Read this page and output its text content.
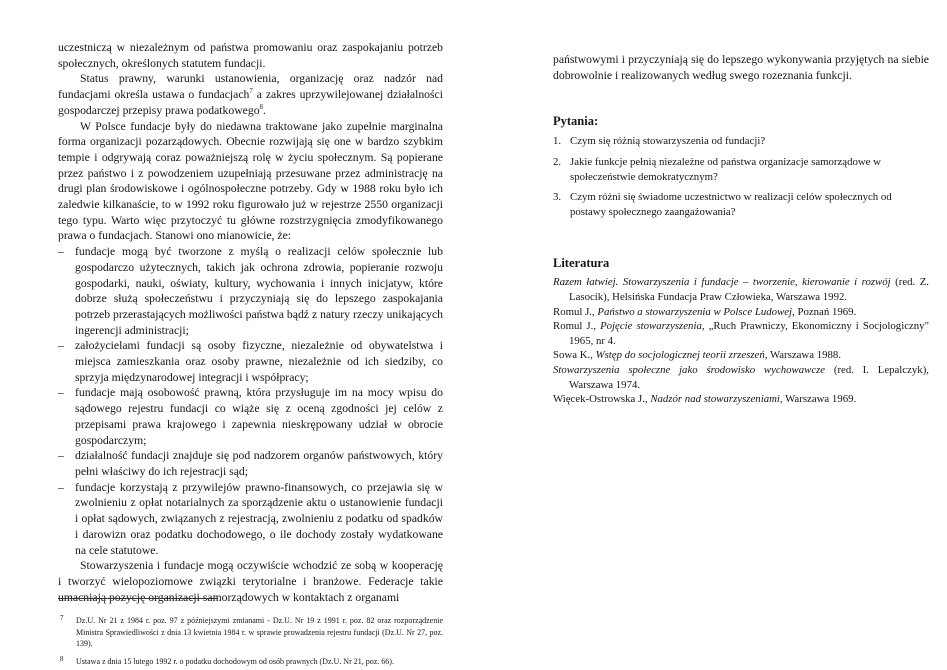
uczestniczą w niezależnym od państwa promowaniu oraz zaspokajaniu potrzeb społecznych, określonych statutem fundacji.

Status prawny, warunki ustanowienia, organizację oraz nadzór nad fundacjami określa ustawa o fundacjach$^7$ a zakres uprzywilejowanej działalności gospodarczej przepisy prawa podatkowego$^8$.

W Polsce fundacje były do niedawna traktowane jako zupełnie marginalna forma organizacji pozarządowych. Obecnie rozwijają się one w bardzo szybkim tempie i odgrywają coraz poważniejszą rolę w życiu społecznym. Są popierane przez państwo i z powodzeniem uzupełniają przesuwane przez administrację na drugi plan środowiskowe i ogólnospołeczne potrzeby. Gdy w 1988 roku było ich zaledwie kilkanaście, to w 1992 roku figurowało już w rejestrze 2550 organizacji tego typu. Warto więc przytoczyć tu główne rozstrzygnięcia zmodyfikowanego prawa o fundacjach. Stanowi ono mianowicie, że:

– fundacje mogą być tworzone z myślą o realizacji celów społecznie lub gospodarczo użytecznych, takich jak ochrona zdrowia, popieranie rozwoju gospodarki, nauki, oświaty, kultury, wychowania i innych inicjatyw, które dobrze służą społeczeństwu i przyczyniają się do lepszego zaspokajania potrzeb przerastających możliwości państwa bądź z natury rzeczy unikających ingerencji administracji;
– założycielami fundacji są osoby fizyczne, niezależnie od obywatelstwa i miejsca zamieszkania oraz osoby prawne, niezależnie od ich siedziby, co sprzyja międzynarodowej integracji i współpracy;
– fundacje mają osobowość prawną, która przysługuje im na mocy wpisu do sądowego rejestru fundacji co wiąże się z oceną zgodności jej celów z przepisami prawa krajowego i zapewnia nieskrępowany udział w obrocie gospodarczym;
– działalność fundacji znajduje się pod nadzorem organów państwowych, który pełni właściwy do ich rejestracji sąd;
– fundacje korzystają z przywilejów prawno-finansowych, co przejawia się w zwolnieniu z opłat notarialnych za sporządzenie aktu o ustanowienie fundacji i opłat sądowych, związanych z rejestracją, zwolnieniu z podatku od spadków i darowizn oraz podatku dochodowego, o ile dochody zostały wydatkowane na cele statutowe.

Stowarzyszenia i fundacje mogą oczywiście wchodzić ze sobą w kooperację i tworzyć wielopoziomowe związki terytorialne i branżowe. Federacje takie umacniają pozycję organizacji samorządowych w kontaktach z organami

7 Dz.U. Nr 21 z 1984 r. poz. 97 z późniejszymi zmianami - Dz.U. Nr 19 z 1991 r. poz. 82 oraz rozporządzenie Ministra Sprawiedliwości z dnia 13 kwietnia 1984 r. w sprawie prowadzenia rejestru fundacji (Dz.U. Nr 27, poz. 139).
8 Ustawa z dnia 15 lutego 1992 r. o podatku dochodowym od osób prawnych (Dz.U. Nr 21, poz. 66).

państwowymi i przyczyniają się do lepszego wykonywania przyjętych na siebie dobrowolnie i realizowanych według swego rozeznania funkcji.

Pytania:
1. Czym się różnią stowarzyszenia od fundacji?
2. Jakie funkcje pełnią niezależne od państwa organizacje samorządowe w społeczeństwie demokratycznym?
3. Czym różni się świadome uczestnictwo w realizacji celów społecznych od postawy społecznego zaangażowania?
Literatura
Razem łatwiej. Stowarzyszenia i fundacje – tworzenie, kierowanie i rozwój (red. Z. Lasocik), Helsińska Fundacja Praw Człowieka, Warszawa 1992.
Romul J., Państwo a stowarzyszenia w Polsce Ludowej, Poznań 1969.
Romul J., Pojęcie stowarzyszenia, „Ruch Prawniczy, Ekonomiczny i Socjologiczny" 1965, nr 4.
Sowa K., Wstęp do socjologicznej teorii zrzeszeń, Warszawa 1988.
Stowarzyszenia społeczne jako środowisko wychowawcze (red. I. Lepalczyk), Warszawa 1974.
Więcek-Ostrowska J., Nadzór nad stowarzyszeniami, Warszawa 1969.
